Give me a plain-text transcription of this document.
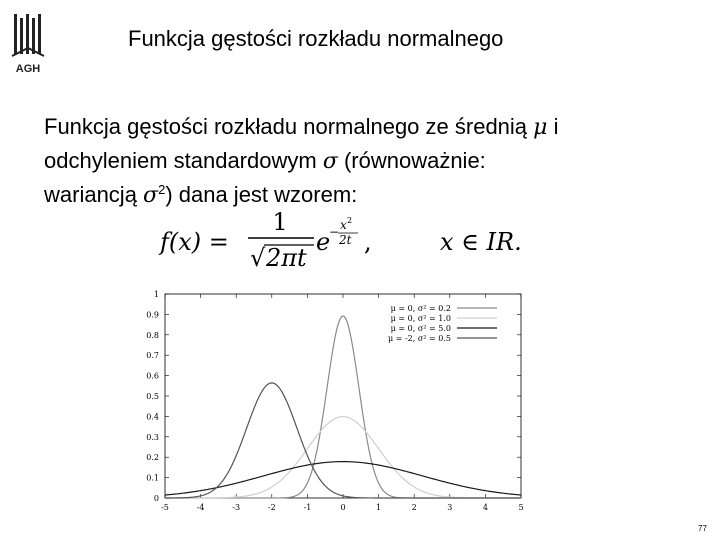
AGH
Funkcja gęstości rozkładu normalnego

Funkcja gęstości rozkładu normalnego ze średnią μ i
odchyleniem standardowym σ (równoważnie:
wariancją $\sigma^2$) dana jest wzorem:

f(x) =
1
√ 2πt
e
− x 2
2t ,	x ∈ IR.
-5	-4	-3	-2	-1	0	1	2	3	4	5
0
0.1
0.2
0.3
0.4
0.5
0.6
0.7
0.8
0.9
1
μ = 0, σ² = 0.2
μ = 0, σ² = 1.0
μ = 0, σ² = 5.0
μ = -2, σ² = 0.5
77
